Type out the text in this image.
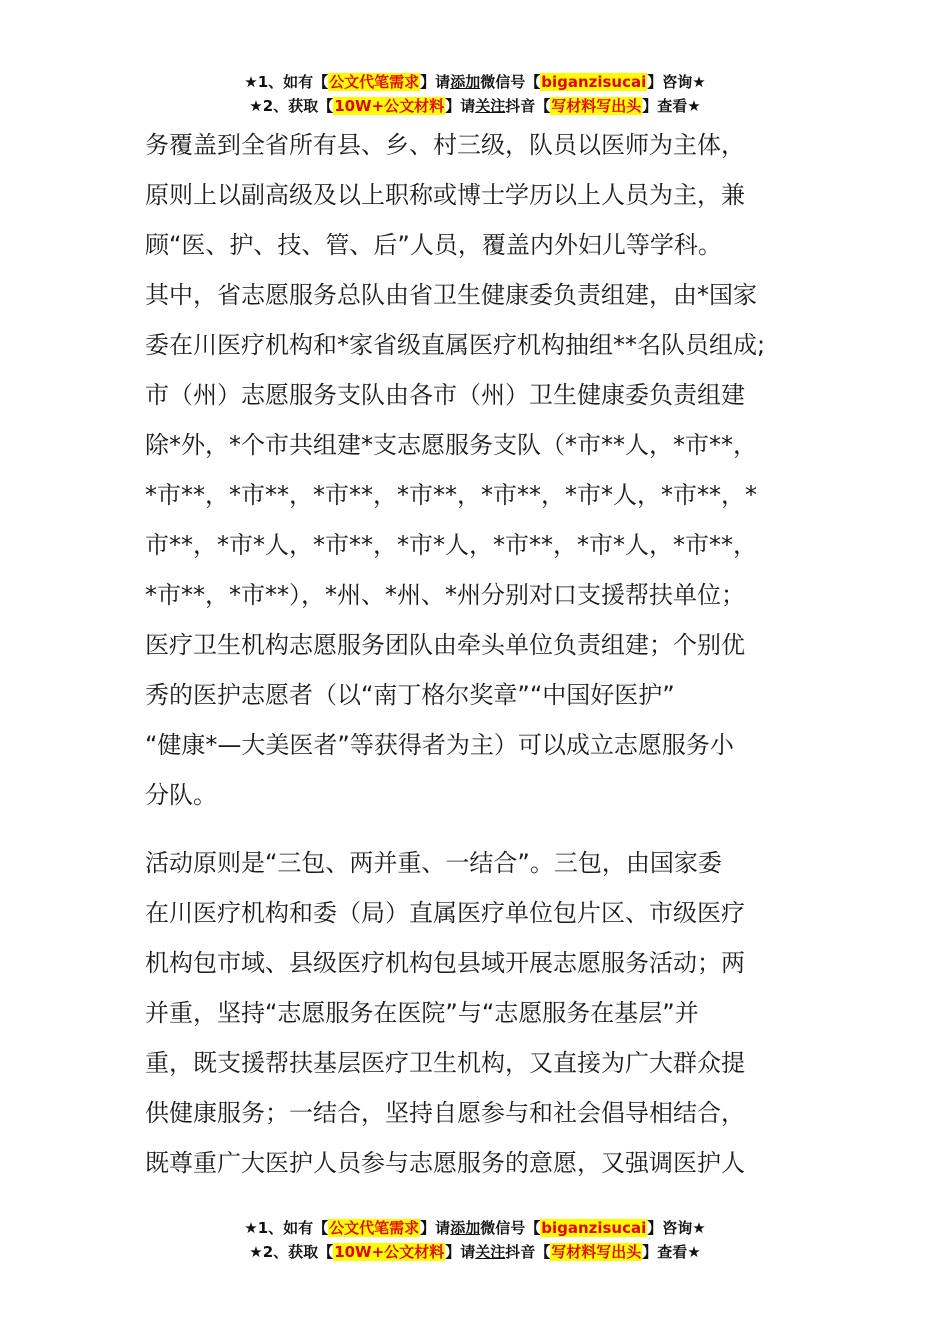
★1、如有【公文代笔需求】请添加微信号【biganzisucai】咨询★
★2、获取【10W+公文材料】请关注抖音【写材料写出头】查看★
务覆盖到全省所有县、乡、村三级，队员以医师为主体，
原则上以副高级及以上职称或博士学历以上人员为主，兼
顾“医、护、技、管、后”人员，覆盖内外妇儿等学科。
其中，省志愿服务总队由省卫生健康委负责组建，由*国家
委在川医疗机构和*家省级直属医疗机构抽组**名队员组成;
市（州）志愿服务支队由各市（州）卫生健康委负责组建
除*外，*个市共组建*支志愿服务支队（*市**人，*市**，
*市**，*市**，*市**，*市**，*市**，*市*人，*市**，*
市**，*市*人，*市**，*市*人，*市**，*市*人，*市**，
*市**，*市**），*州、*州、*州分别对口支援帮扶单位；
医疗卫生机构志愿服务团队由牵头单位负责组建；个别优
秀的医护志愿者（以“南丁格尔奖章”“中国好医护”
“健康*—大美医者”等获得者为主）可以成立志愿服务小
分队。
活动原则是“三包、两并重、一结合”。三包，由国家委
在川医疗机构和委（局）直属医疗单位包片区、市级医疗
机构包市域、县级医疗机构包县域开展志愿服务活动；两
并重，坚持“志愿服务在医院”与“志愿服务在基层”并
重，既支援帮扶基层医疗卫生机构，又直接为广大群众提
供健康服务；一结合，坚持自愿参与和社会倡导相结合，
既尊重广大医护人员参与志愿服务的意愿，又强调医护人
★1、如有【公文代笔需求】请添加微信号【biganzisucai】咨询★
★2、获取【10W+公文材料】请关注抖音【写材料写出头】查看★
